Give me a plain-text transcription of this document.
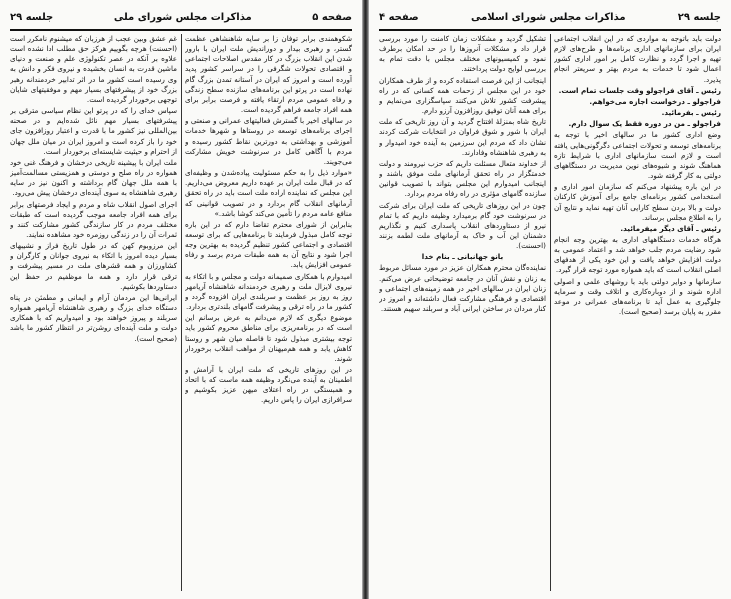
صفحه ۵
مذاکرات مجلس شورای ملی
جلسه ۲۹

شکوهمندی برابر توفان زا بر سایه شاهنشاهی عظمت گستر، و رهبری بیدار و دوراندیش ملت ایران با بارور شدن این انقلاب بزرگ در کار مقدس اصلاحات اجتماعی و اقتصادی تحولات شگرفی را در سراسر کشور پدید آورده است و امروز که ایران در آستانه تمدن بزرگ گام نهاده است در پرتو این برنامه‌های سازنده سطح زندگی و رفاه عمومی مردم ارتقاء یافته و فرصت برابر برای همه افراد جامعه فراهم گردیده است.

در سالهای اخیر با گسترش فعالیتهای عمرانی و صنعتی و اجرای برنامه‌های توسعه در روستاها و شهرها خدمات آموزشی و بهداشتی به دورترین نقاط کشور رسیده و مردم با آگاهی کامل در سرنوشت خویش مشارکت می‌جویند.

«موارد ذیل را به حکم مسئولیت پیاده‌شدن و وظیفه‌ای که در قبال ملت ایران بر عهده داریم معروض می‌داریم. این مجلس که نماینده اراده ملت است باید در راه تحقق آرمانهای انقلاب گام بردارد و در تصویب قوانینی که منافع عامه مردم را تأمین می‌کند کوشا باشد.»

بنابراین از شورای محترم تقاضا دارم که در این باره توجه کامل مبذول فرمایند تا برنامه‌هایی که برای توسعه اقتصادی و اجتماعی کشور تنظیم گردیده به بهترین وجه اجرا شود و نتایج آن به همه طبقات مردم برسد و رفاه عمومی افزایش یابد.

امیدوارم با همکاری صمیمانه دولت و مجلس و با اتکاء به نیروی لایزال ملت و رهبری خردمندانه شاهنشاه آریامهر روز به روز بر عظمت و سربلندی ایران افزوده گردد و کشور ما در راه ترقی و پیشرفت گامهای بلندتری بردارد.

موضوع دیگری که لازم می‌دانم به عرض برسانم این است که در برنامه‌ریزی برای مناطق محروم کشور باید توجه بیشتری مبذول شود تا فاصله میان شهر و روستا کاهش یابد و همه هم‌میهنان از مواهب انقلاب برخوردار شوند.

در این روزهای تاریخی که ملت ایران با آرامش و اطمینان به آینده می‌نگرد وظیفه همه ماست که با اتحاد و همبستگی در راه اعتلای میهن عزیز بکوشیم و سرافرازی ایران را پاس داریم.

غم عشق وبین عجب از هرزبان که میشنوم نامکرر است (احسنت) هرچه بگوییم هرکز حق مطلب ادا نشده است علاوه بر آنکه در عصر تکنولوژی علم و صنعت و دنیای ماشین قدرت به انسان بخشیده و نیروی فکر و دانش به وی رسیده است کشور ما در اثر تدابیر خردمندانه رهبر بزرگ خود از پیشرفتهای بسیار مهم و موفقیتهای شایان توجهی برخوردار گردیده است.

سپاس خدای را که در پرتو این نظام سیاسی مترقی بر پیشرفتهای بسیار مهم نائل شده‌ایم و در صحنه بین‌المللی نیز کشور ما با قدرت و اعتبار روزافزون جای خود را باز کرده است و امروز ایران در میان ملل جهان از احترام و حیثیت شایسته‌ای برخوردار است.

ملت ایران با پیشینه تاریخی درخشان و فرهنگ غنی خود همواره در راه صلح و دوستی و همزیستی مسالمت‌آمیز با همه ملل جهان گام برداشته و اکنون نیز در سایه رهبری شاهنشاه به سوی آینده‌ای درخشان پیش می‌رود.

اجرای اصول انقلاب شاه و مردم و ایجاد فرصتهای برابر برای همه افراد جامعه موجب گردیده است که طبقات مختلف مردم در کار سازندگی کشور مشارکت کنند و ثمرات آن را در زندگی روزمره خود مشاهده نمایند.

این مرزوبوم کهن که در طول تاریخ فراز و نشیبهای بسیار دیده امروز با اتکاء به نیروی جوانان و کارگران و کشاورزان و همه قشرهای ملت در مسیر پیشرفت و ترقی قرار دارد و همه ما موظفیم در حفظ این دستاوردها بکوشیم.

ایرانی‌ها این مردمان آرام و ایمانی و مطمئن در پناه دستگاه خدای بزرگ و رهبری شاهنشاه آریامهر همواره سربلند و پیروز خواهند بود و امیدواریم که با همکاری دولت و ملت آینده‌ای روشن‌تر در انتظار کشور ما باشد (صحیح است).

جلسه ۲۹
مذاکرات مجلس شورای اسلامی
صفحه ۴

دولت باید باتوجه به مواردی که در این انقلاب اجتماعی ایران برای سازمانهای اداری برنامه‌ها و طرح‌های لازم تهیه و اجرا گردد و نظارت کامل بر امور اداری کشور اعمال شود تا خدمات به مردم بهتر و سریعتر انجام پذیرد.

رئیس ـ آقای فراجولو وقت جلسات تمام است.

فراجولو ـ درخواست اجازه می‌خواهم.

رئیس ـ بفرمائید.

فراجولو ـ من در دوره فقط یک سوال دارم.

وضع اداری کشور ما در سالهای اخیر با توجه به برنامه‌های توسعه و تحولات اجتماعی دگرگونی‌هایی یافته است و لازم است سازمانهای اداری با شرایط تازه هماهنگ شوند و شیوه‌های نوین مدیریت در دستگاههای دولتی به کار گرفته شود.

در این باره پیشنهاد می‌کنم که سازمان امور اداری و استخدامی کشور برنامه‌ای جامع برای آموزش کارکنان دولت و بالا بردن سطح کارایی آنان تهیه نماید و نتایج آن را به اطلاع مجلس برساند.

رئیس ـ آقای دیگر میفرمائید.

هرگاه خدمات دستگاههای اداری به بهترین وجه انجام شود رضایت مردم جلب خواهد شد و اعتماد عمومی به دولت افزایش خواهد یافت و این خود یکی از هدفهای اصلی انقلاب است که باید همواره مورد توجه قرار گیرد.

سازمانها و دوایر دولتی باید با روشهای علمی و اصولی اداره شوند و از دوباره‌کاری و اتلاف وقت و سرمایه جلوگیری به عمل آید تا برنامه‌های عمرانی در موعد مقرر به پایان برسد (صحیح است).

تشکیل گردید و مشکلات زمان کامنت را مورد بررسی قرار داد و مشکلات آنروزها را در حد امکان برطرف نمود و کمیسیونهای مختلف مجلس با دقت تمام به بررسی لوایح دولت پرداختند.

اینجانب از این فرصت استفاده کرده و از طرف همکاران خود در این مجلس از زحمات همه کسانی که در راه پیشرفت کشور تلاش می‌کنند سپاسگزاری می‌نمایم و برای همه آنان توفیق روزافزون آرزو دارم.

تاریخ شاه بمنزلهٔ افتتاح گردید و آن روز تاریخی که ملت ایران با شور و شوق فراوان در انتخابات شرکت کردند نشان داد که مردم این سرزمین به آینده خود امیدوار و به رهبری شاهنشاه وفادارند.

از خداوند متعال مسئلت داریم که حزب نیرومند و دولت خدمتگزار در راه تحقق آرمانهای ملت موفق باشند و اینجانب امیدوارم این مجلس بتواند با تصویب قوانین سازنده گامهای مؤثری در راه رفاه مردم بردارد.

چون در این روزهای تاریخی که ملت ایران برای شرکت در سرنوشت خود گام برمیدارد وظیفه داریم که با تمام نیرو از دستاوردهای انقلاب پاسداری کنیم و نگذاریم دشمنان این آب و خاک به آرمانهای ملت لطمه بزنند (احسنت).

بانو جهانبانی ـ بنام خدا

نماینده‌گان محترم همکاران عزیز در مورد مسائل مربوط به زنان و نقش آنان در جامعه توضیحاتی عرض می‌کنم. زنان ایران در سالهای اخیر در همه زمینه‌های اجتماعی و اقتصادی و فرهنگی مشارکت فعال داشته‌اند و امروز در کنار مردان در ساختن ایرانی آباد و سربلند سهیم هستند.
